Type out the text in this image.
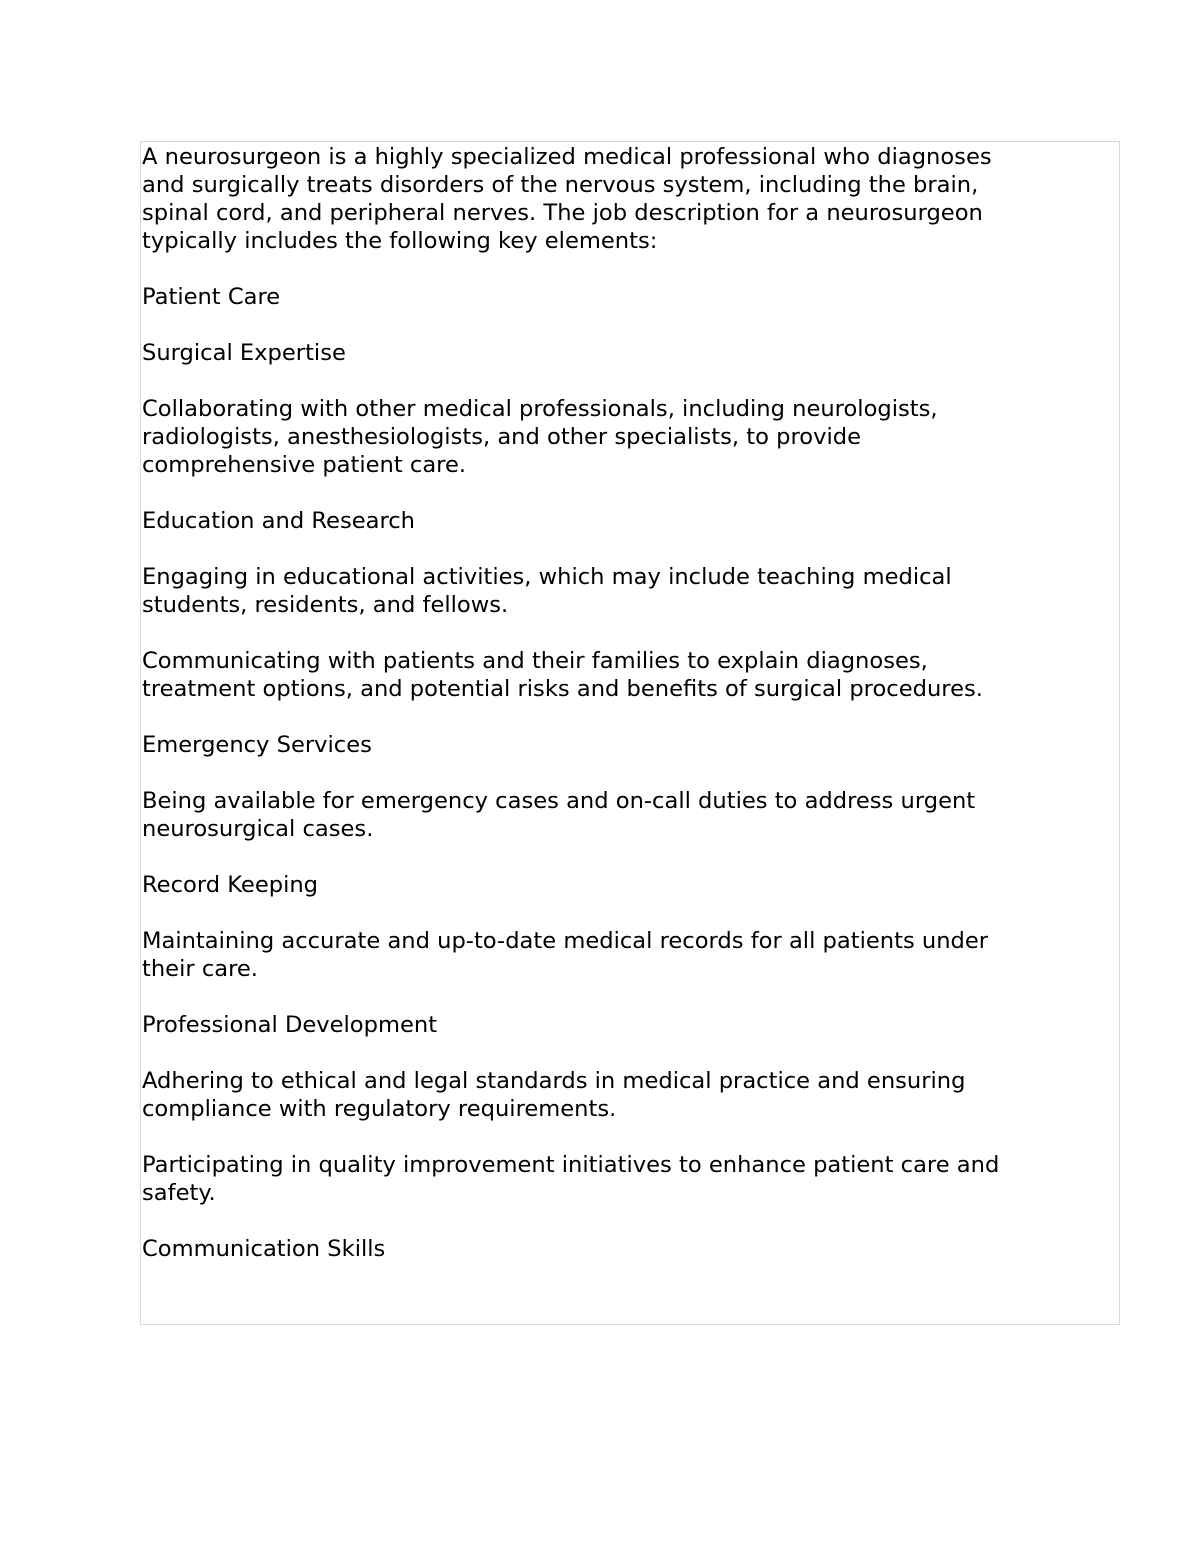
A neurosurgeon is a highly specialized medical professional who diagnoses
and surgically treats disorders of the nervous system, including the brain,
spinal cord, and peripheral nerves. The job description for a neurosurgeon
typically includes the following key elements:

Patient Care

Surgical Expertise

Collaborating with other medical professionals, including neurologists,
radiologists, anesthesiologists, and other specialists, to provide
comprehensive patient care.

Education and Research

Engaging in educational activities, which may include teaching medical
students, residents, and fellows.

Communicating with patients and their families to explain diagnoses,
treatment options, and potential risks and benefits of surgical procedures.

Emergency Services

Being available for emergency cases and on-call duties to address urgent
neurosurgical cases.

Record Keeping

Maintaining accurate and up-to-date medical records for all patients under
their care.

Professional Development

Adhering to ethical and legal standards in medical practice and ensuring
compliance with regulatory requirements.

Participating in quality improvement initiatives to enhance patient care and
safety.

Communication Skills
